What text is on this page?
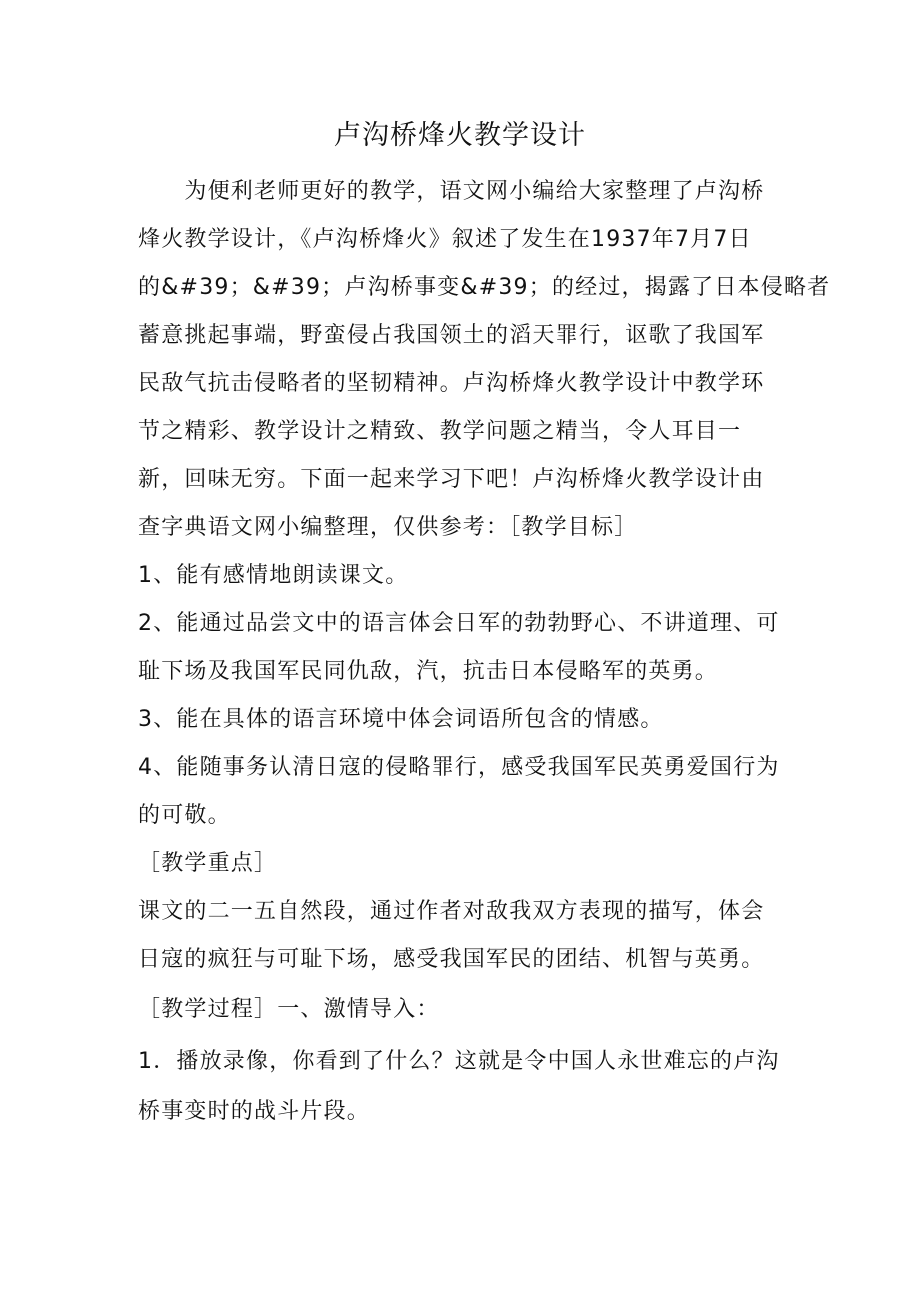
卢沟桥烽火教学设计
　　为便利老师更好的教学，语文网小编给大家整理了卢沟桥
烽火教学设计，《卢沟桥烽火》叙述了发生在1937年7月7日
的&#39；&#39；卢沟桥事变&#39；的经过，揭露了日本侵略者
蓄意挑起事端，野蛮侵占我国领土的滔天罪行，讴歌了我国军
民敌气抗击侵略者的坚韧精神。卢沟桥烽火教学设计中教学环
节之精彩、教学设计之精致、教学问题之精当，令人耳目一
新，回味无穷。下面一起来学习下吧！卢沟桥烽火教学设计由
查字典语文网小编整理，仅供参考：［教学目标］
1、能有感情地朗读课文。
2、能通过品尝文中的语言体会日军的勃勃野心、不讲道理、可
耻下场及我国军民同仇敌，汽，抗击日本侵略军的英勇。
3、能在具体的语言环境中体会词语所包含的情感。
4、能随事务认清日寇的侵略罪行，感受我国军民英勇爱国行为
的可敬。
［教学重点］
课文的二一五自然段，通过作者对敌我双方表现的描写，体会
日寇的疯狂与可耻下场，感受我国军民的团结、机智与英勇。
［教学过程］一、激情导入：
1．播放录像，你看到了什么？这就是令中国人永世难忘的卢沟
桥事变时的战斗片段。
